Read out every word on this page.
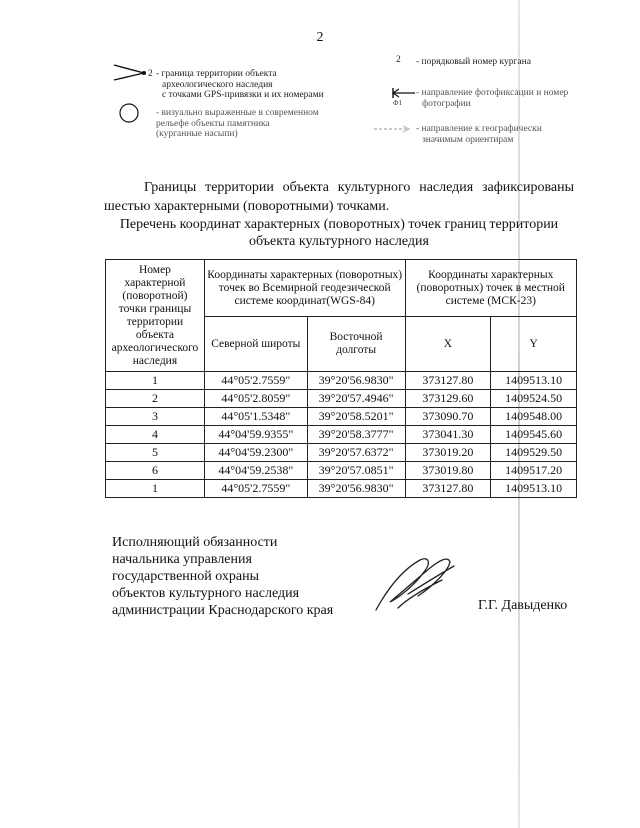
2
2 - граница территории объекта
археологического наследия
с точками GPS-привязки и их номерами
- визуально выраженные в современном
рельефе объекты памятника
(курганные насыпи)
2 - порядковый номер кургана
Ф1
- направление фотофиксации и номер
фотографии
- направление к географически
значимым ориентирам
Границы территории объекта культурного наследия зафиксированы шестью характерными (поворотными) точками.
Перечень координат характерных (поворотных) точек границ территории
объекта культурного наследия
Номер характерной (поворотной) точки границы территории объекта археологического наследия	Координаты характерных (поворотных) точек во Всемирной геодезической системе координат(WGS-84)		Координаты характерных (поворотных) точек в местной системе (МСК-23)	
	Северной широты	Восточной долготы	X	Y
1	44°05'2.7559"	39°20'56.9830"	373127.80	1409513.10
2	44°05'2.8059"	39°20'57.4946"	373129.60	1409524.50
3	44°05'1.5348"	39°20'58.5201"	373090.70	1409548.00
4	44°04'59.9355"	39°20'58.3777"	373041.30	1409545.60
5	44°04'59.2300"	39°20'57.6372"	373019.20	1409529.50
6	44°04'59.2538"	39°20'57.0851"	373019.80	1409517.20
1	44°05'2.7559"	39°20'56.9830"	373127.80	1409513.10
Исполняющий обязанности
начальника управления
государственной охраны
объектов культурного наследия
администрации Краснодарского края	Г.Г. Давыденко
